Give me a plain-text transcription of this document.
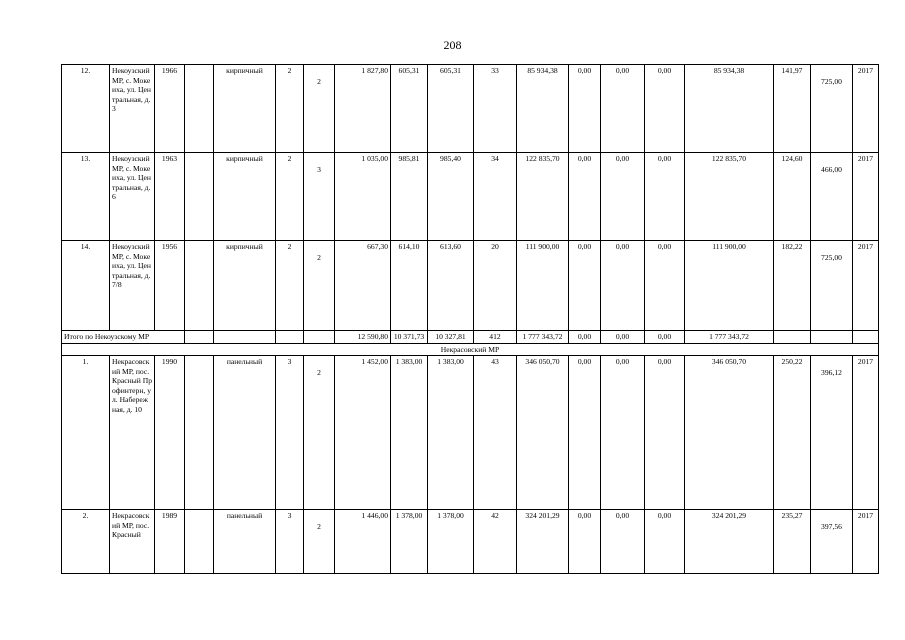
208
12.	Некоузский МР, с. Мокеиха, ул. Центральная, д. 3	1966		кирпичный	2	2	1 827,80	605,31	605,31	33	85 934,38	0,00	0,00	0,00	85 934,38	141,97	725,00	2017
13.	Некоузский МР, с. Мокеиха, ул. Центральная, д. 6	1963		кирпичный	2	3	1 035,00	985,81	985,40	34	122 835,70	0,00	0,00	0,00	122 835,70	124,60	466,00	2017
14.	Некоузский МР, с. Мокеиха, ул. Центральная, д. 7/8	1956		кирпичный	2	2	667,30	614,10	613,60	20	111 900,00	0,00	0,00	0,00	111 900,00	182,22	725,00	2017
Итого по Некоузскому МР							12 590,80	10 371,73	10 327,81	412	1 777 343,72	0,00	0,00	0,00	1 777 343,72			
Некрасовский МР																		
1.	Некрасовский МР, пос. Красный Профинтерн, ул. Набережная, д. 10	1990		панельный	3	2	1 452,00	1 383,00	1 383,00	43	346 050,70	0,00	0,00	0,00	346 050,70	250,22	396,12	2017
2.	Некрасовский МР, пос. Красный	1989		панельный	3	2	1 446,00	1 378,00	1 378,00	42	324 201,29	0,00	0,00	0,00	324 201,29	235,27	397,56	2017
